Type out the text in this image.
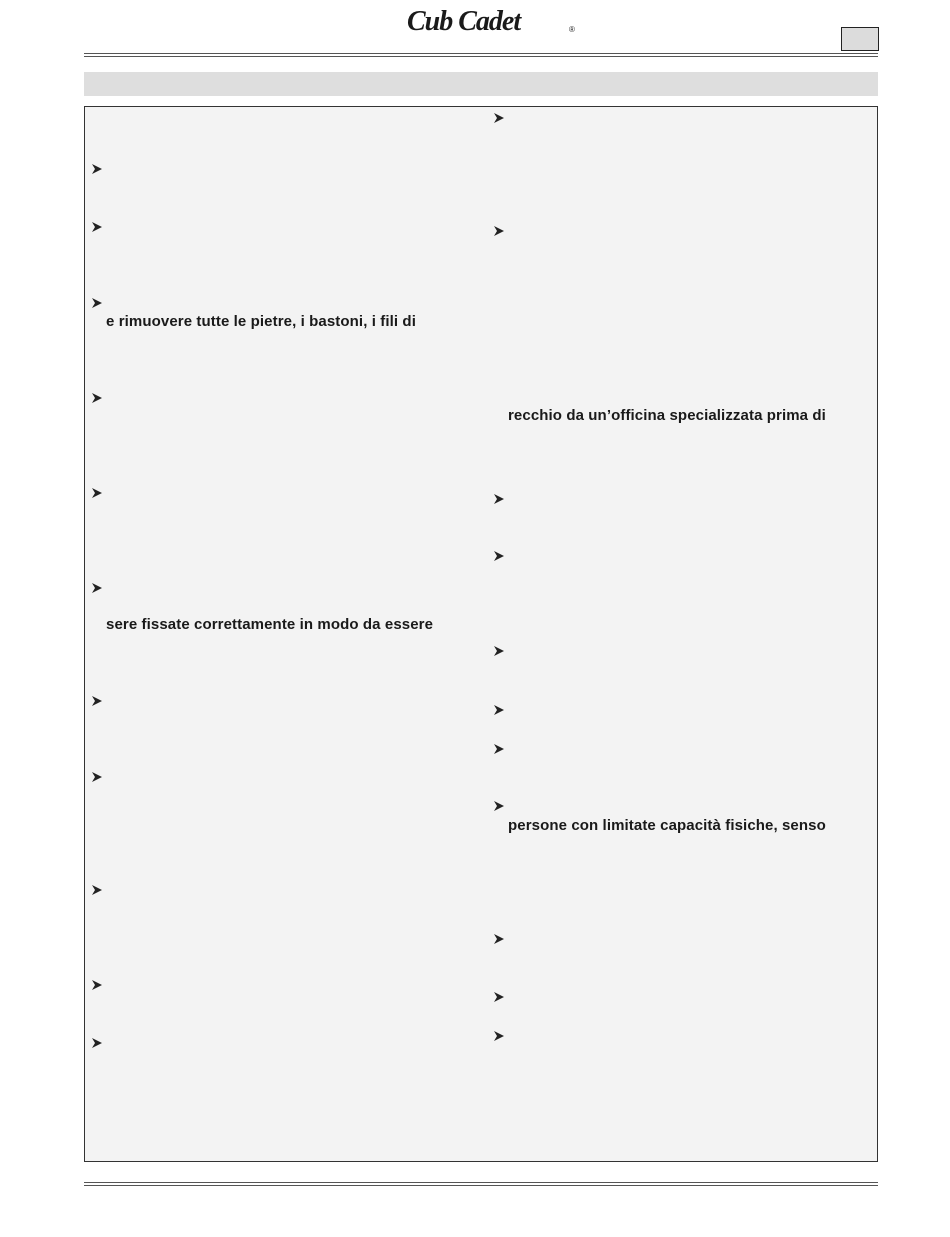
Cub Cadet	®
e rimuovere tutte le pietre, i bastoni, i fili di
sere fissate correttamente in modo da essere
recchio da un’officina specializzata prima di
persone con limitate capacità fisiche, senso
